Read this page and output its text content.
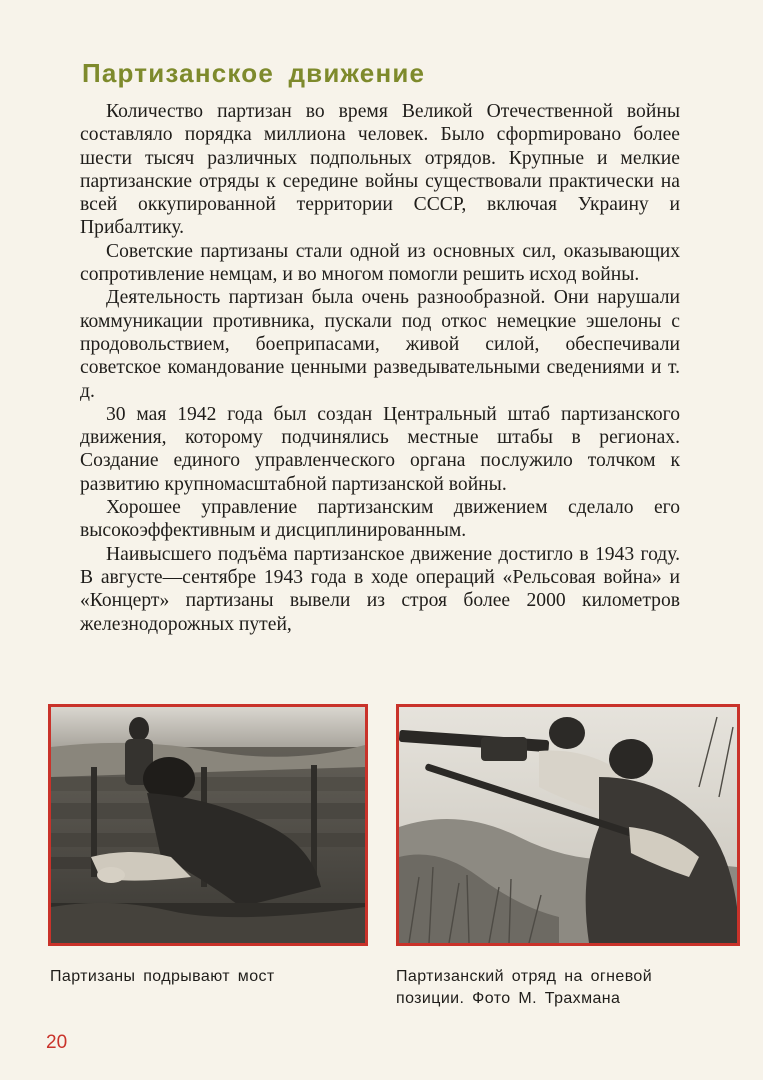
Партизанское движение

Количество партизан во время Великой Отечественной войны составляло порядка миллиона человек. Было сфорmировано более шести тысяч различных подпольных отрядов. Крупные и мелкие партизанские отряды к середине войны существовали практически на всей оккупированной территории СССР, включая Украину и Прибалтику.

Советские партизаны стали одной из основных сил, оказывающих сопротивление немцам, и во многом помогли решить исход войны.

Деятельность партизан была очень разнообразной. Они нарушали коммуникации противника, пускали под откос немецкие эшелоны с продовольствием, боеприпасами, живой силой, обеспечивали советское командование ценными разведывательными сведениями и т. д.

30 мая 1942 года был создан Центральный штаб партизанского движения, которому подчинялись местные штабы в регионах. Создание единого управленческого органа послужило толчком к развитию крупномасштабной партизанской войны.

Хорошее управление партизанским движением сделало его высокоэффективным и дисциплинированным.

Наивысшего подъёма партизанское движение достигло в 1943 году. В августе—сентябре 1943 года в ходе операций «Рельсовая война» и «Концерт» партизаны вывели из строя более 2000 километров железнодорожных путей,

Партизаны подрывают мост	Партизанский отряд на огневой позиции. Фото М. Трахмана

20
